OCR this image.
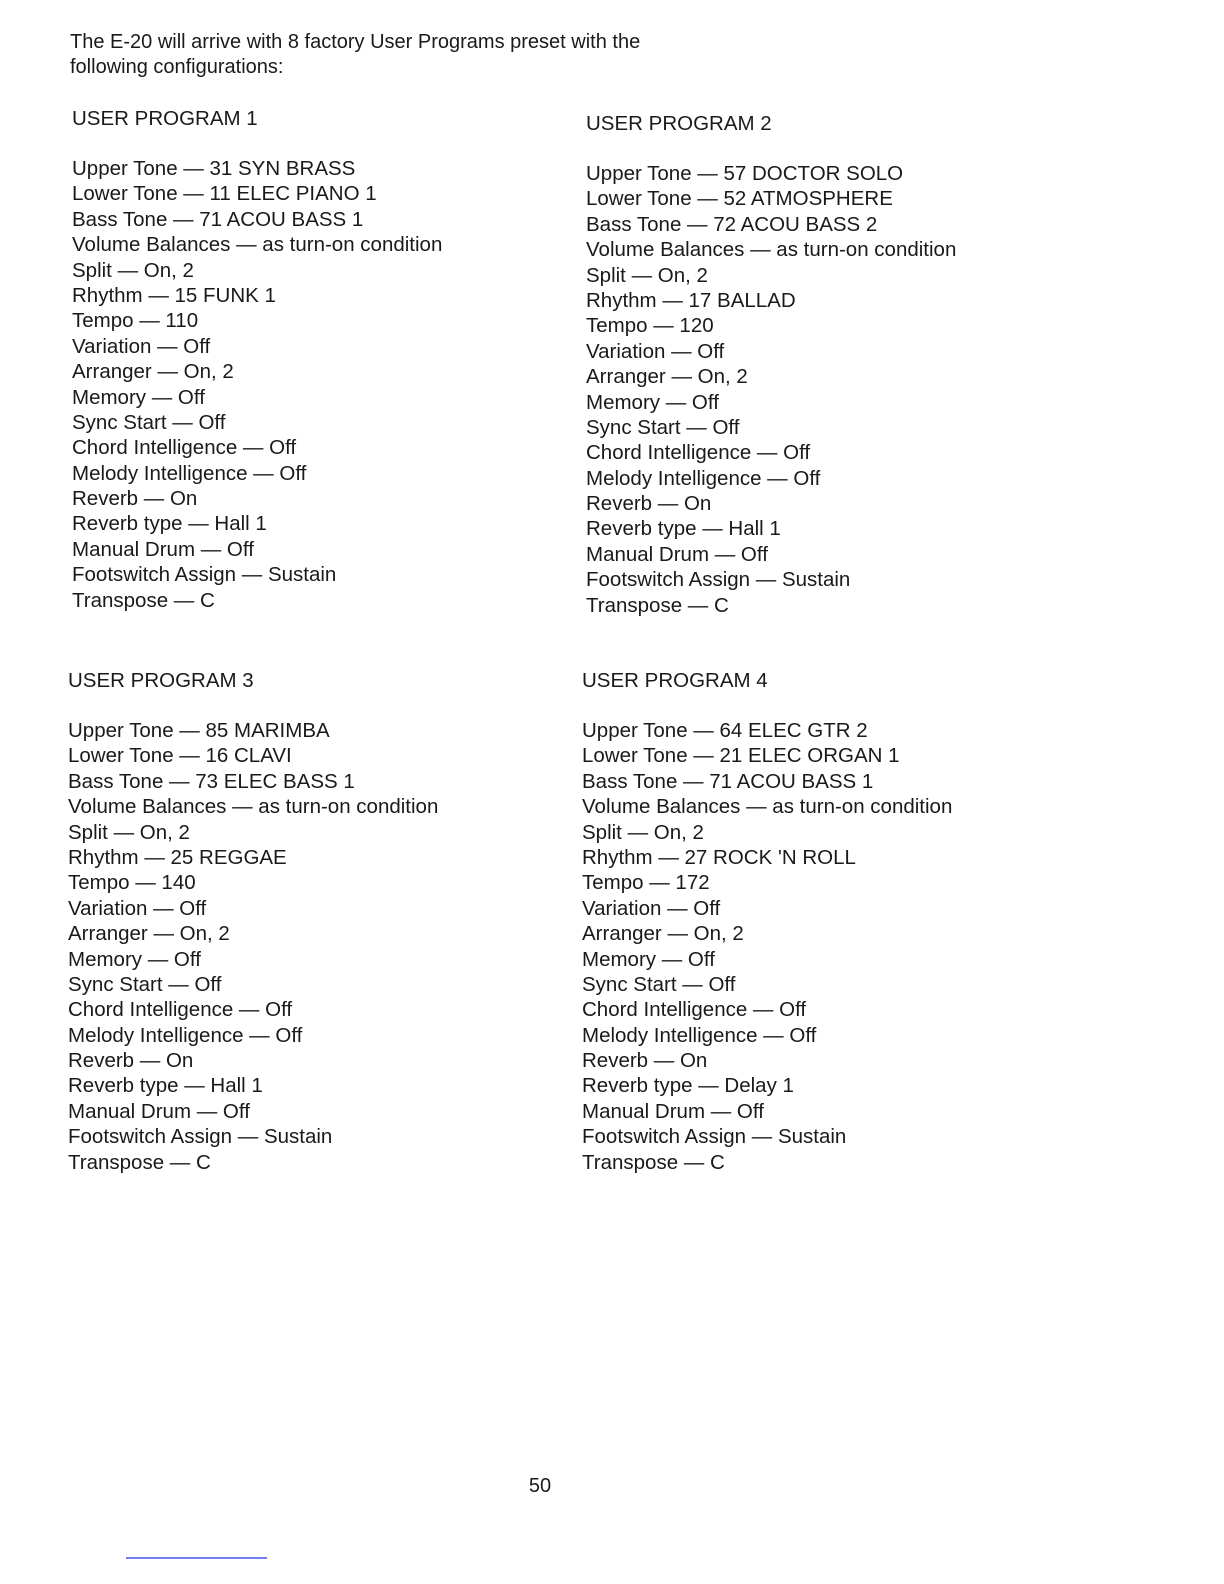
The E-20 will arrive with 8 factory User Programs preset with the
following configurations:
USER PROGRAM 1
Upper Tone — 31 SYN BRASS
Lower Tone — 11 ELEC PIANO 1
Bass Tone — 71 ACOU BASS 1
Volume Balances — as turn-on condition
Split — On, 2
Rhythm — 15 FUNK 1
Tempo — 110
Variation — Off
Arranger — On, 2
Memory — Off
Sync Start — Off
Chord Intelligence — Off
Melody Intelligence — Off
Reverb — On
Reverb type — Hall 1
Manual Drum — Off
Footswitch Assign — Sustain
Transpose — C
USER PROGRAM 2
Upper Tone — 57 DOCTOR SOLO
Lower Tone — 52 ATMOSPHERE
Bass Tone — 72 ACOU BASS 2
Volume Balances — as turn-on condition
Split — On, 2
Rhythm — 17 BALLAD
Tempo — 120
Variation — Off
Arranger — On, 2
Memory — Off
Sync Start — Off
Chord Intelligence — Off
Melody Intelligence — Off
Reverb — On
Reverb type — Hall 1
Manual Drum — Off
Footswitch Assign — Sustain
Transpose — C
USER PROGRAM 3
Upper Tone — 85 MARIMBA
Lower Tone — 16 CLAVI
Bass Tone — 73 ELEC BASS 1
Volume Balances — as turn-on condition
Split — On, 2
Rhythm — 25 REGGAE
Tempo — 140
Variation — Off
Arranger — On, 2
Memory — Off
Sync Start — Off
Chord Intelligence — Off
Melody Intelligence — Off
Reverb — On
Reverb type — Hall 1
Manual Drum — Off
Footswitch Assign — Sustain
Transpose — C
USER PROGRAM 4
Upper Tone — 64 ELEC GTR 2
Lower Tone — 21 ELEC ORGAN 1
Bass Tone — 71 ACOU BASS 1
Volume Balances — as turn-on condition
Split — On, 2
Rhythm — 27 ROCK 'N ROLL
Tempo — 172
Variation — Off
Arranger — On, 2
Memory — Off
Sync Start — Off
Chord Intelligence — Off
Melody Intelligence — Off
Reverb — On
Reverb type — Delay 1
Manual Drum — Off
Footswitch Assign — Sustain
Transpose — C
50
